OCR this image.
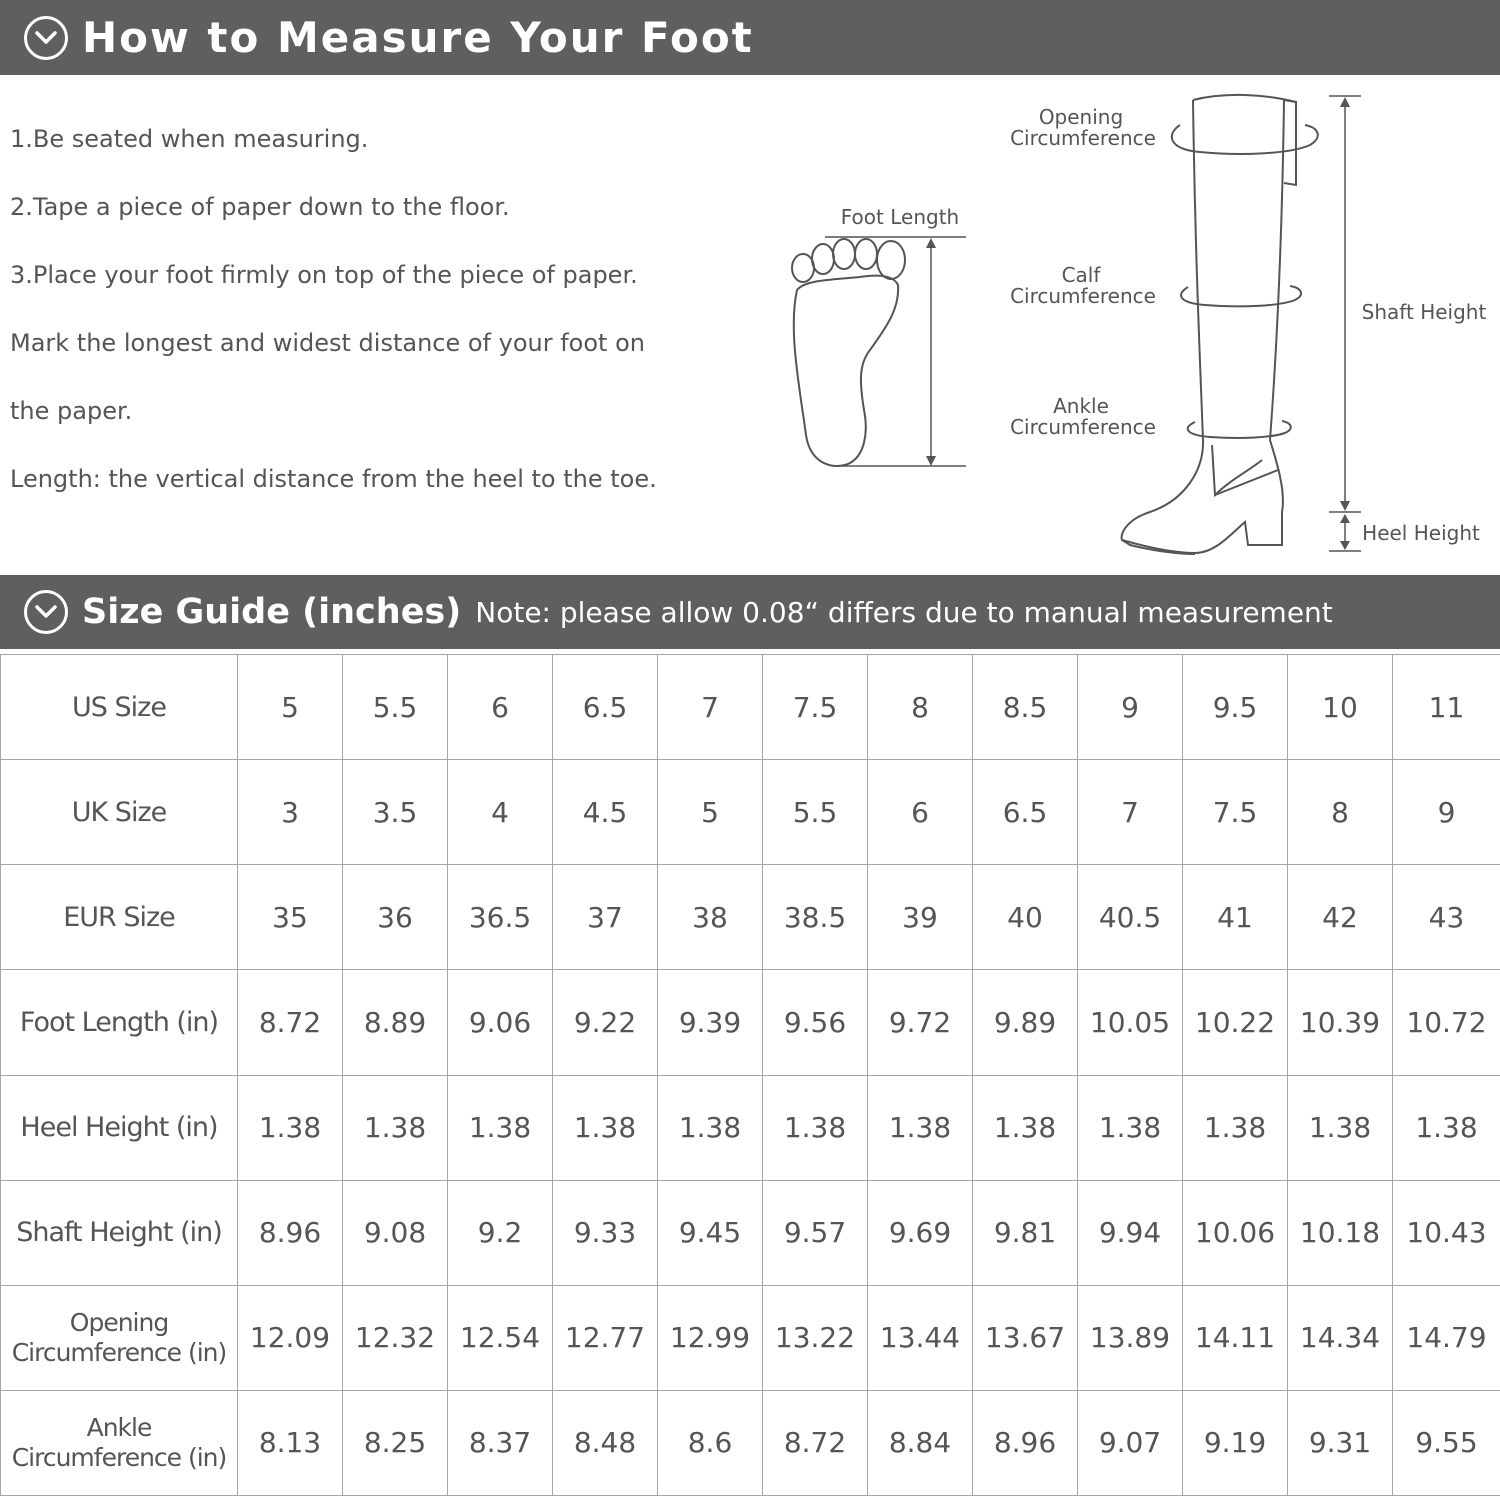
How to Measure Your Foot
1.Be seated when measuring.
2.Tape a piece of paper down to the floor.
3.Place your foot firmly on top of the piece of paper.
Mark the longest and widest distance of your foot on
the paper.
Length: the vertical distance from the heel to the toe.
Foot Length
Opening
Circumference
Calf
Circumference
Ankle
Circumference
Shaft Height
Heel Height
Size Guide (inches) Note: please allow 0.08“ differs due to manual measurement
US Size	5	5.5	6	6.5	7	7.5	8	8.5	9	9.5	10	11
UK Size	3	3.5	4	4.5	5	5.5	6	6.5	7	7.5	8	9
EUR Size	35	36	36.5	37	38	38.5	39	40	40.5	41	42	43
Foot Length (in)	8.72	8.89	9.06	9.22	9.39	9.56	9.72	9.89	10.05	10.22	10.39	10.72
Heel Height (in)	1.38	1.38	1.38	1.38	1.38	1.38	1.38	1.38	1.38	1.38	1.38	1.38
Shaft Height (in)	8.96	9.08	9.2	9.33	9.45	9.57	9.69	9.81	9.94	10.06	10.18	10.43
Opening
Circumference (in)	12.09	12.32	12.54	12.77	12.99	13.22	13.44	13.67	13.89	14.11	14.34	14.79
Ankle
Circumference (in)	8.13	8.25	8.37	8.48	8.6	8.72	8.84	8.96	9.07	9.19	9.31	9.55
